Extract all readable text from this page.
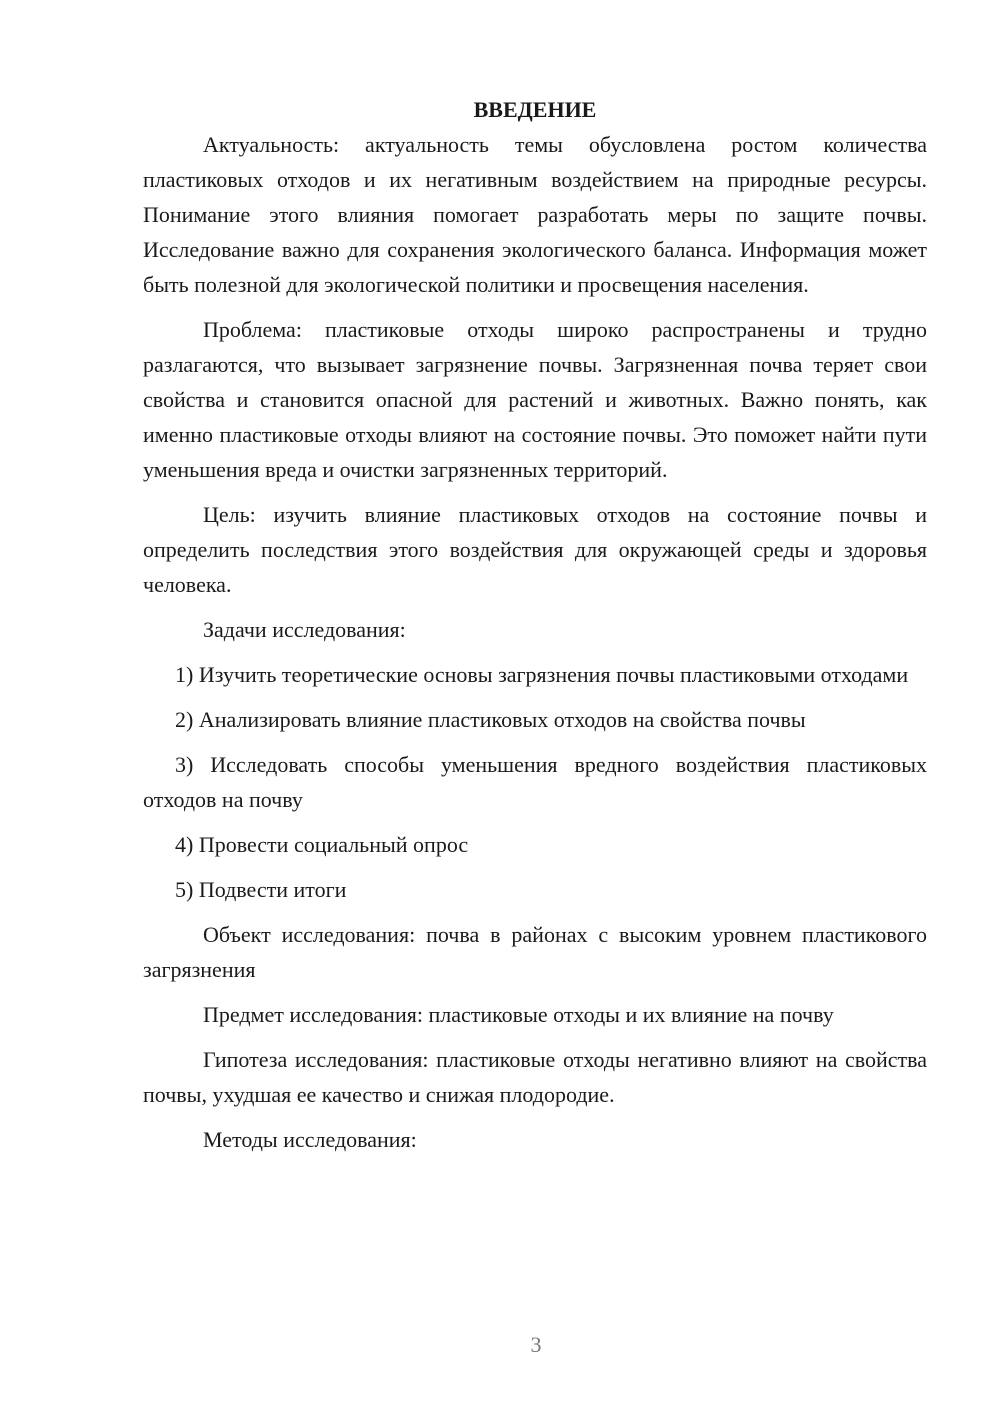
ВВЕДЕНИЕ

Актуальность: актуальность темы обусловлена ростом количества пластиковых отходов и их негативным воздействием на природные ресурсы. Понимание этого влияния помогает разработать меры по защите почвы. Исследование важно для сохранения экологического баланса. Информация может быть полезной для экологической политики и просвещения населения.

Проблема: пластиковые отходы широко распространены и трудно разлагаются, что вызывает загрязнение почвы. Загрязненная почва теряет свои свойства и становится опасной для растений и животных. Важно понять, как именно пластиковые отходы влияют на состояние почвы. Это поможет найти пути уменьшения вреда и очистки загрязненных территорий.

Цель: изучить влияние пластиковых отходов на состояние почвы и определить последствия этого воздействия для окружающей среды и здоровья человека.

Задачи исследования:

1) Изучить теоретические основы загрязнения почвы пластиковыми отходами

2) Анализировать влияние пластиковых отходов на свойства почвы

3) Исследовать способы уменьшения вредного воздействия пластиковых отходов на почву

4) Провести социальный опрос

5) Подвести итоги

Объект исследования: почва в районах с высоким уровнем пластикового загрязнения

Предмет исследования: пластиковые отходы и их влияние на почву

Гипотеза исследования: пластиковые отходы негативно влияют на свойства почвы, ухудшая ее качество и снижая плодородие.

Методы исследования:

3
